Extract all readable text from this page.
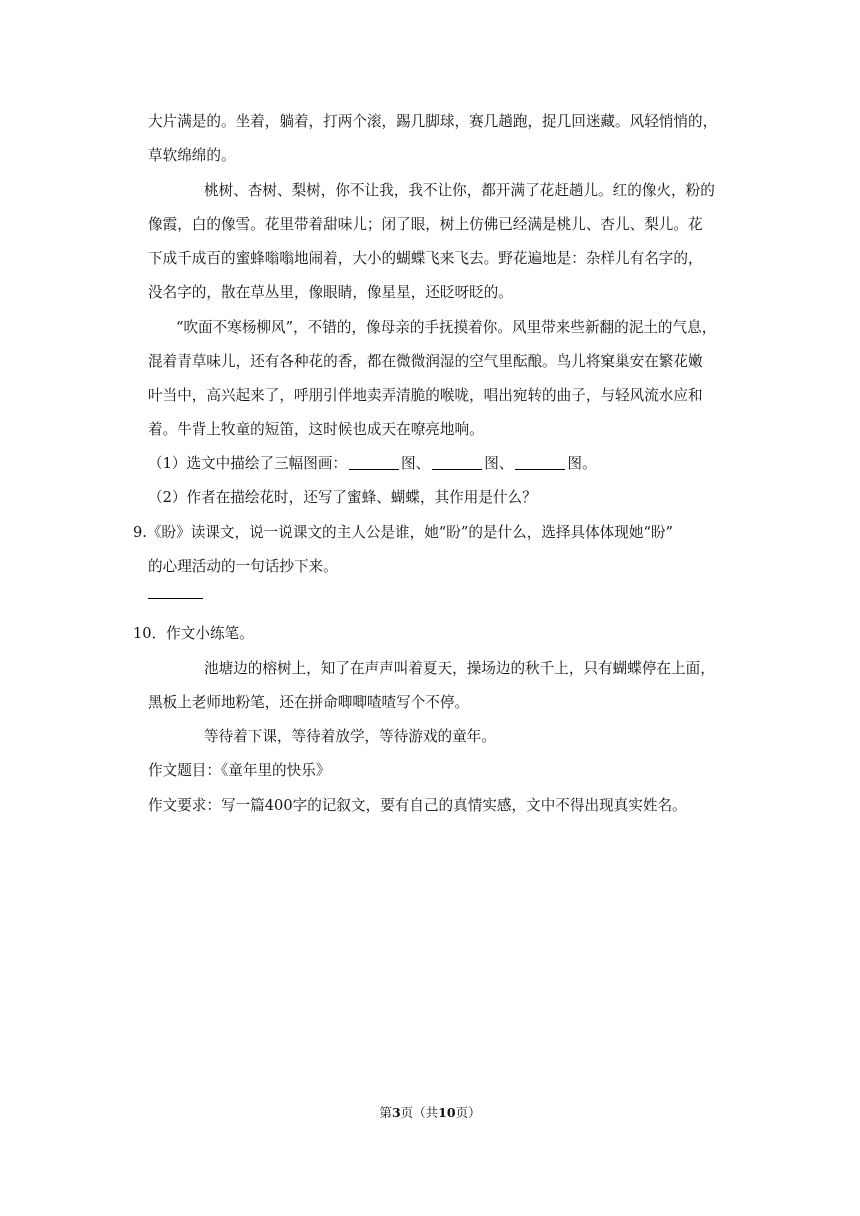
大片满是的。坐着，躺着，打两个滚，踢几脚球，赛几趟跑，捉几回迷藏。风轻悄悄的，
草软绵绵的。
桃树、杏树、梨树，你不让我，我不让你，都开满了花赶趟儿。红的像火，粉的
像霞，白的像雪。花里带着甜味儿；闭了眼，树上仿佛已经满是桃儿、杏儿、梨儿。花
下成千成百的蜜蜂嗡嗡地闹着，大小的蝴蝶飞来飞去。野花遍地是：杂样儿有名字的，
没名字的，散在草丛里，像眼睛，像星星，还眨呀眨的。
“吹面不寒杨柳风”，不错的，像母亲的手抚摸着你。风里带来些新翻的泥土的气息，
混着青草味儿，还有各种花的香，都在微微润湿的空气里酝酿。鸟儿将窠巢安在繁花嫩
叶当中，高兴起来了，呼朋引伴地卖弄清脆的喉咙，唱出宛转的曲子，与轻风流水应和
着。牛背上牧童的短笛，这时候也成天在嘹亮地响。
（1）选文中描绘了三幅图画：	图、	图、	图。
（2）作者在描绘花时，还写了蜜蜂、蝴蝶，其作用是什么？
9.《盼》读课文，说一说课文的主人公是谁，她“盼”的是什么，选择具体体现她“盼”
的心理活动的一句话抄下来。
10．作文小练笔。
池塘边的榕树上，知了在声声叫着夏天，操场边的秋千上，只有蝴蝶停在上面，
黑板上老师地粉笔，还在拼命唧唧喳喳写个不停。
等待着下课，等待着放学，等待游戏的童年。
作文题目：《童年里的快乐》
作文要求：写一篇400字的记叙文，要有自己的真情实感，文中不得出现真实姓名。
第3页（共10页）
